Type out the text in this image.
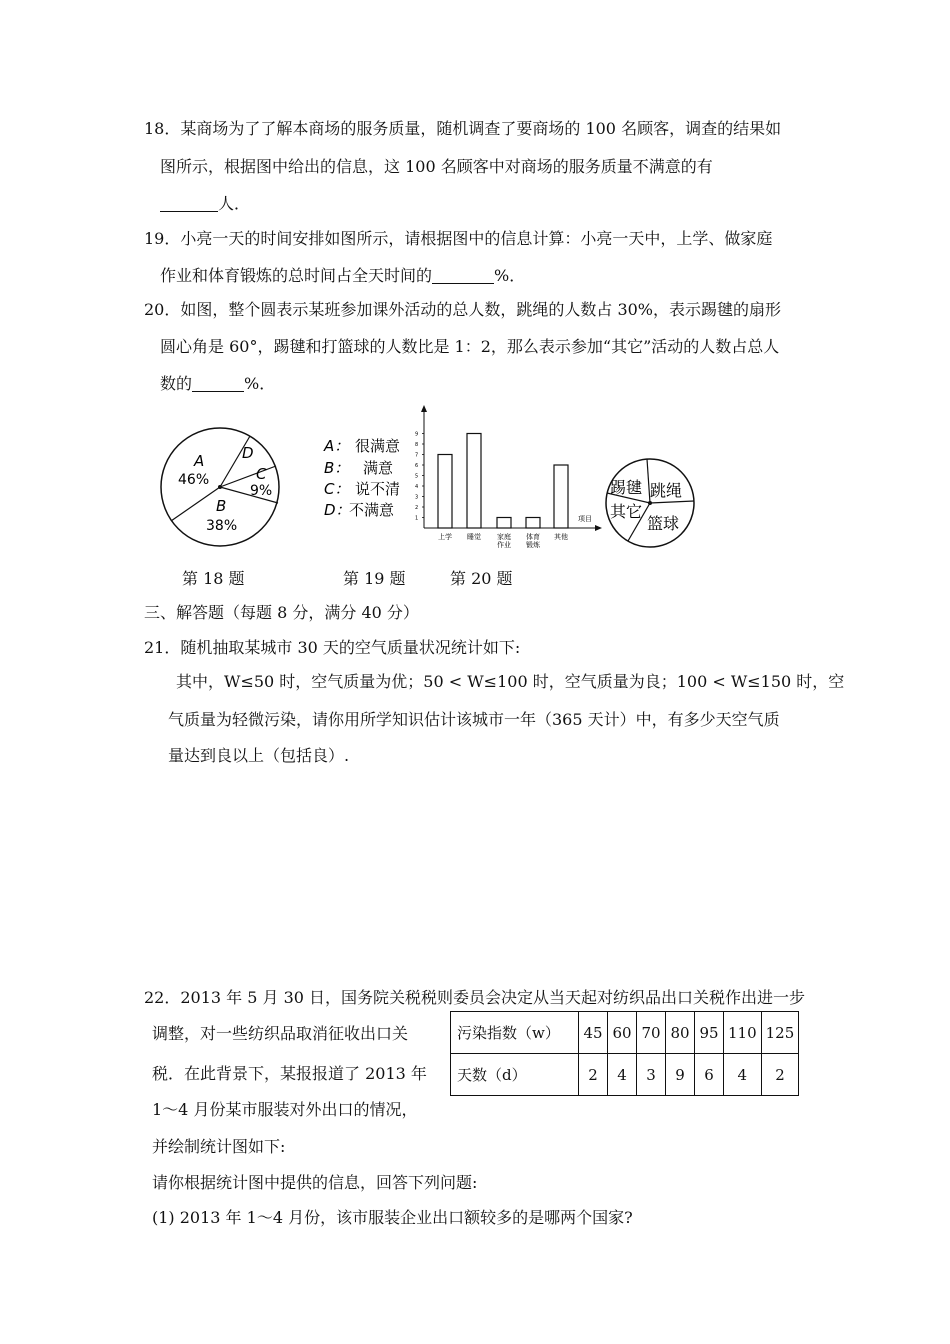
18．某商场为了了解本商场的服务质量，随机调查了要商场的 100 名顾客，调查的结果如
图所示，根据图中给出的信息，这 100 名顾客中对商场的服务质量不满意的有
人．
19．小亮一天的时间安排如图所示，请根据图中的信息计算：小亮一天中，上学、做家庭
作业和体育锻炼的总时间占全天时间的	%．
20．如图，整个圆表示某班参加课外活动的总人数，跳绳的人数占 30%，表示踢毽的扇形
圆心角是 60°，踢毽和打篮球的人数比是 1：2，那么表示参加“其它”活动的人数占总人
数的	%．
A
46%
D
C
9%
B
38%
A： 很满意
B： 满意
C： 说不清
D：
不满意	项目
1
2
3
4
5
6
7
8
9
上学 睡觉 家庭
作业
体育
锻炼
其他
踢毽 跳绳
其它
篮球
第 18 题	第 19 题	第 20 题
三、解答题（每题 8 分，满分 40 分）
21．随机抽取某城市 30 天的空气质量状况统计如下:
其中，W≤50 时，空气质量为优；50 < W≤100 时，空气质量为良；100 < W≤150 时，空
气质量为轻微污染，请你用所学知识估计该城市一年（365 天计）中，有多少天空气质
量达到良以上（包括良）.
22．2013 年 5 月 30 日，国务院关税税则委员会决定从当天起对纺织品出口关税作出进一步
调整，对一些纺织品取消征收出口关
税．在此背景下，某报报道了 2013 年
1～4 月份某市服装对外出口的情况，
并绘制统计图如下:
请你根据统计图中提供的信息，回答下列问题:
(1) 2013 年 1～4 月份，该市服装企业出口额较多的是哪两个国家?
污染指数（w）	45	60	70	80	95	110	125
天数（d）	2	4	3	9	6	4	2
